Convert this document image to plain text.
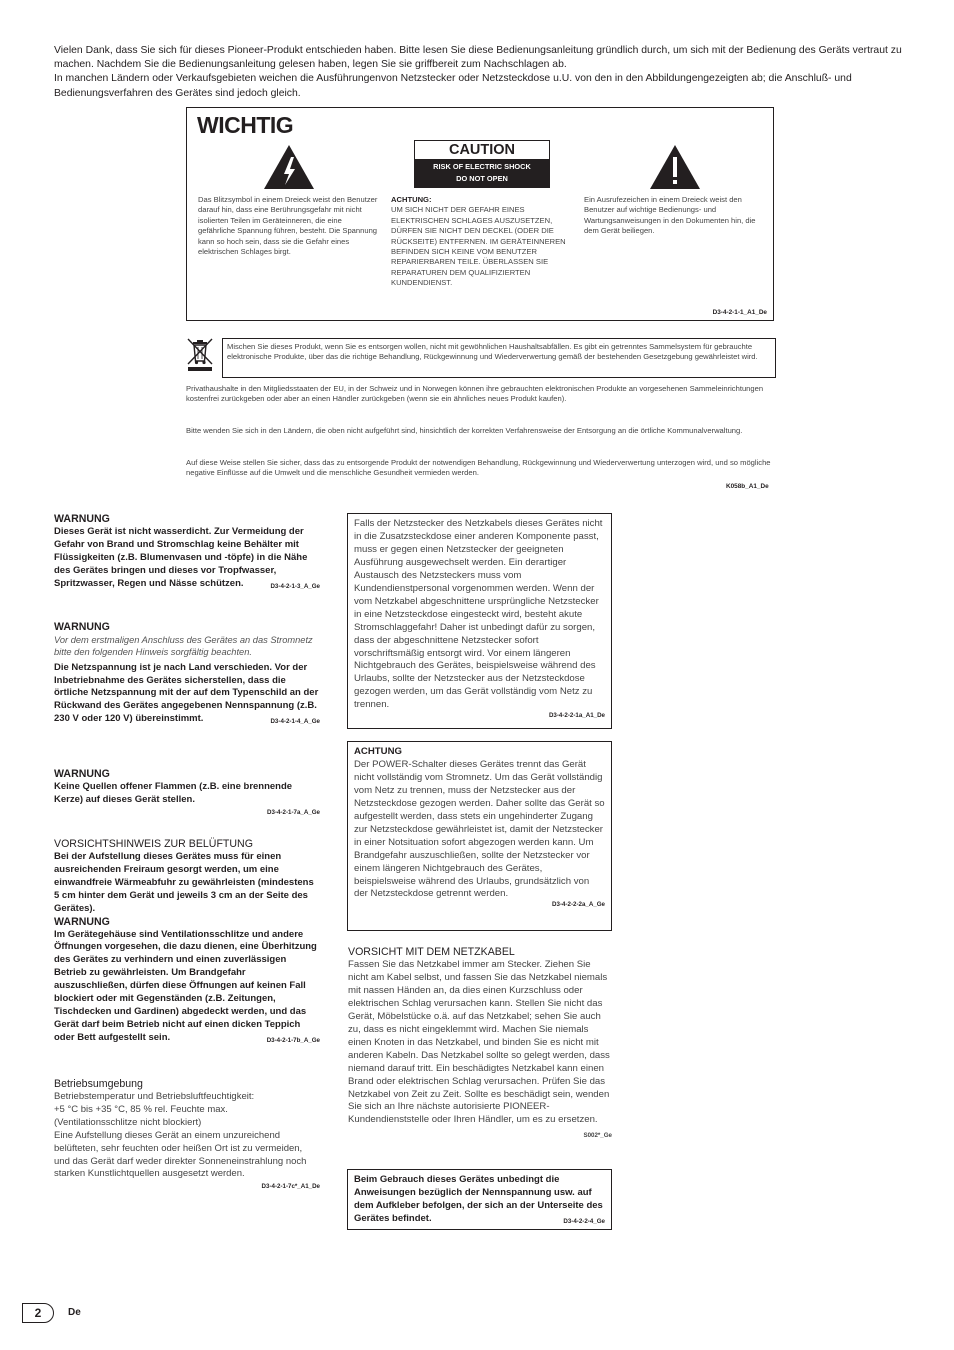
Vielen Dank, dass Sie sich für dieses Pioneer-Produkt entschieden haben. Bitte lesen Sie diese Bedienungsanleitung gründlich durch, um sich mit der Bedienung des Geräts vertraut zu machen. Nachdem Sie die Bedienungsanleitung gelesen haben, legen Sie sie griffbereit zum Nachschlagen ab.

In manchen Ländern oder Verkaufsgebieten weichen die Ausführungenvon Netzstecker oder Netzsteckdose u.U. von den in den Abbildungengezeigten ab; die Anschluß- und Bedienungsverfahren des Gerätes sind jedoch gleich.

WICHTIG
CAUTION
RISK OF ELECTRIC SHOCK
DO NOT OPEN
Das Blitzsymbol in einem Dreieck weist den Benutzer darauf hin, dass eine Berührungsgefahr mit nicht isolierten Teilen im Geräteinneren, die eine gefährliche Spannung führen, besteht. Die Spannung kann so hoch sein, dass sie die Gefahr eines elektrischen Schlages birgt.
ACHTUNG:
UM SICH NICHT DER GEFAHR EINES ELEKTRISCHEN SCHLAGES AUSZUSETZEN, DÜRFEN SIE NICHT DEN DECKEL (ODER DIE RÜCKSEITE) ENTFERNEN. IM GERÄTEINNEREN BEFINDEN SICH KEINE VOM BENUTZER REPARIERBAREN TEILE. ÜBERLASSEN SIE REPARATUREN DEM QUALIFIZIERTEN KUNDENDIENST.
Ein Ausrufezeichen in einem Dreieck weist den Benutzer auf wichtige Bedienungs- und Wartungsanweisungen in den Dokumenten hin, die dem Gerät beiliegen.
D3-4-2-1-1_A1_De
Mischen Sie dieses Produkt, wenn Sie es entsorgen wollen, nicht mit gewöhnlichen Haushaltsabfällen. Es gibt ein getrenntes Sammelsystem für gebrauchte elektronische Produkte, über das die richtige Behandlung, Rückgewinnung und Wiederverwertung gemäß der bestehenden Gesetzgebung gewährleistet wird.
Privathaushalte in den Mitgliedsstaaten der EU, in der Schweiz und in Norwegen können ihre gebrauchten elektronischen Produkte an vorgesehenen Sammeleinrichtungen kostenfrei zurückgeben oder aber an einen Händler zurückgeben (wenn sie ein ähnliches neues Produkt kaufen).
Bitte wenden Sie sich in den Ländern, die oben nicht aufgeführt sind, hinsichtlich der korrekten Verfahrensweise der Entsorgung an die örtliche Kommunalverwaltung.
Auf diese Weise stellen Sie sicher, dass das zu entsorgende Produkt der notwendigen Behandlung, Rückgewinnung und Wiederverwertung unterzogen wird, und so mögliche negative Einflüsse auf die Umwelt und die menschliche Gesundheit vermieden werden.
K058b_A1_De
WARNUNG
Dieses Gerät ist nicht wasserdicht. Zur Vermeidung der Gefahr von Brand und Stromschlag keine Behälter mit Flüssigkeiten (z.B. Blumenvasen und -töpfe) in die Nähe des Gerätes bringen und dieses vor Tropfwasser, Spritzwasser, Regen und Nässe schützen.	D3-4-2-1-3_A_Ge
WARNUNG
Vor dem erstmaligen Anschluss des Gerätes an das Stromnetz bitte den folgenden Hinweis sorgfältig beachten.
Die Netzspannung ist je nach Land verschieden. Vor der Inbetriebnahme des Gerätes sicherstellen, dass die örtliche Netzspannung mit der auf dem Typenschild an der Rückwand des Gerätes angegebenen Nennspannung (z.B. 230 V oder 120 V) übereinstimmt.	D3-4-2-1-4_A_Ge
WARNUNG
Keine Quellen offener Flammen (z.B. eine brennende Kerze) auf dieses Gerät stellen.
D3-4-2-1-7a_A_Ge
VORSICHTSHINWEIS ZUR BELÜFTUNG
Bei der Aufstellung dieses Gerätes muss für einen ausreichenden Freiraum gesorgt werden, um eine einwandfreie Wärmeabfuhr zu gewährleisten (mindestens 5 cm hinter dem Gerät und jeweils 3 cm an der Seite des Gerätes).
WARNUNG
Im Gerätegehäuse sind Ventilationsschlitze und andere Öffnungen vorgesehen, die dazu dienen, eine Überhitzung des Gerätes zu verhindern und einen zuverlässigen Betrieb zu gewährleisten. Um Brandgefahr auszuschließen, dürfen diese Öffnungen auf keinen Fall blockiert oder mit Gegenständen (z.B. Zeitungen, Tischdecken und Gardinen) abgedeckt werden, und das Gerät darf beim Betrieb nicht auf einen dicken Teppich oder Bett aufgestellt sein.	D3-4-2-1-7b_A_Ge
Betriebsumgebung
Betriebstemperatur und Betriebsluftfeuchtigkeit:
+5 °C bis +35 °C, 85 % rel. Feuchte max.
(Ventilationsschlitze nicht blockiert)
Eine Aufstellung dieses Gerät an einem unzureichend belüfteten, sehr feuchten oder heißen Ort ist zu vermeiden, und das Gerät darf weder direkter Sonneneinstrahlung noch starken Kunstlichtquellen ausgesetzt werden.
D3-4-2-1-7c*_A1_De
Falls der Netzstecker des Netzkabels dieses Gerätes nicht in die Zusatzsteckdose einer anderen Komponente passt, muss er gegen einen Netzstecker der geeigneten Ausführung ausgewechselt werden. Ein derartiger Austausch des Netzsteckers muss vom Kundendienstpersonal vorgenommen werden. Wenn der vom Netzkabel abgeschnittene ursprüngliche Netzstecker in eine Netzsteckdose eingesteckt wird, besteht akute Stromschlaggefahr! Daher ist unbedingt dafür zu sorgen, dass der abgeschnittene Netzstecker sofort vorschriftsmäßig entsorgt wird. Vor einem längeren Nichtgebrauch des Gerätes, beispielsweise während des Urlaubs, sollte der Netzstecker aus der Netzsteckdose gezogen werden, um das Gerät vollständig vom Netz zu trennen.
D3-4-2-2-1a_A1_De
ACHTUNG
Der POWER-Schalter dieses Gerätes trennt das Gerät nicht vollständig vom Stromnetz. Um das Gerät vollständig vom Netz zu trennen, muss der Netzstecker aus der Netzsteckdose gezogen werden. Daher sollte das Gerät so aufgestellt werden, dass stets ein ungehinderter Zugang zur Netzsteckdose gewährleistet ist, damit der Netzstecker in einer Notsituation sofort abgezogen werden kann. Um Brandgefahr auszuschließen, sollte der Netzstecker vor einem längeren Nichtgebrauch des Gerätes, beispielsweise während des Urlaubs, grundsätzlich von der Netzsteckdose getrennt werden.
D3-4-2-2-2a_A_Ge
VORSICHT MIT DEM NETZKABEL
Fassen Sie das Netzkabel immer am Stecker. Ziehen Sie nicht am Kabel selbst, und fassen Sie das Netzkabel niemals mit nassen Händen an, da dies einen Kurzschluss oder elektrischen Schlag verursachen kann. Stellen Sie nicht das Gerät, Möbelstücke o.ä. auf das Netzkabel; sehen Sie auch zu, dass es nicht eingeklemmt wird. Machen Sie niemals einen Knoten in das Netzkabel, und binden Sie es nicht mit anderen Kabeln. Das Netzkabel sollte so gelegt werden, dass niemand darauf tritt. Ein beschädigtes Netzkabel kann einen Brand oder elektrischen Schlag verursachen. Prüfen Sie das Netzkabel von Zeit zu Zeit. Sollte es beschädigt sein, wenden Sie sich an Ihre nächste autorisierte PIONEER-Kundendienststelle oder Ihren Händler, um es zu ersetzen.
S002*_Ge
Beim Gebrauch dieses Gerätes unbedingt die Anweisungen bezüglich der Nennspannung usw. auf dem Aufkleber befolgen, der sich an der Unterseite des Gerätes befindet.	D3-4-2-2-4_Ge
2	De
